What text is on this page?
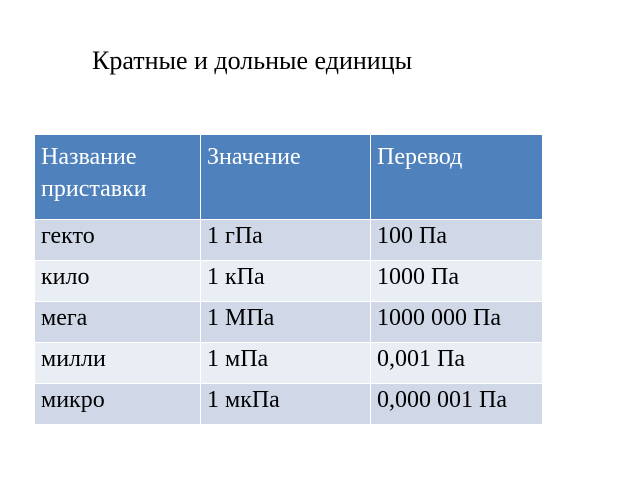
Кратные и дольные единицы
Название приставки	Значение	Перевод
гекто	1 гПа	100 Па
кило	1 кПа	1000 Па
мега	1 МПа	1000 000 Па
милли	1 мПа	0,001 Па
микро	1 мкПа	0,000 001 Па
